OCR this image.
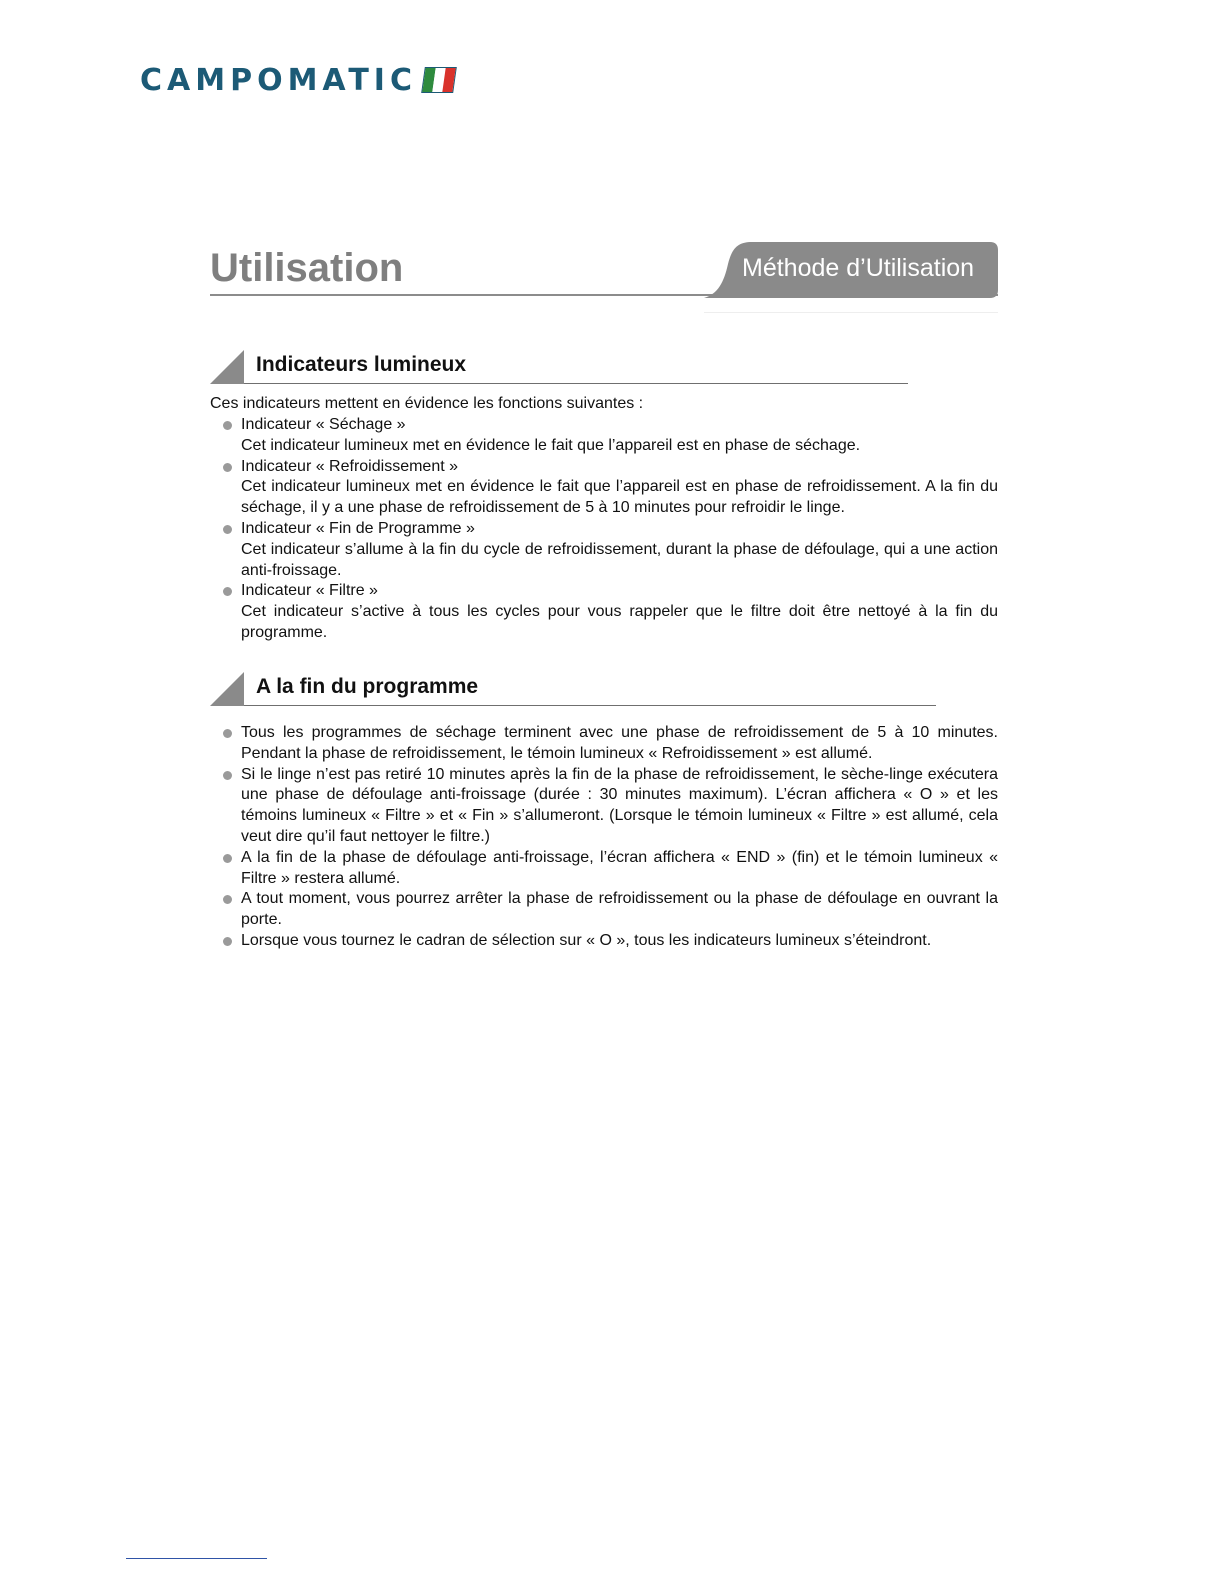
CAMPOMATIC
Utilisation	Méthode d’Utilisation
Indicateurs lumineux

Ces indicateurs mettent en évidence les fonctions suivantes :

Indicateur « Séchage »
Cet indicateur lumineux met en évidence le fait que l’appareil est en phase de séchage.
Indicateur « Refroidissement »
Cet indicateur lumineux met en évidence le fait que l’appareil est en phase de refroidissement. A la fin du séchage, il y a une phase de refroidissement de 5 à 10 minutes pour refroidir le linge.
Indicateur « Fin de Programme »
Cet indicateur s’allume à la fin du cycle de refroidissement, durant la phase de défoulage, qui a une action anti-froissage.
Indicateur « Filtre »
Cet indicateur s’active à tous les cycles pour vous rappeler que le filtre doit être nettoyé à la fin du programme.
A la fin du programme
Tous les programmes de séchage terminent avec une phase de refroidissement de 5 à 10 minutes. Pendant la phase de refroidissement, le témoin lumineux « Refroidissement » est allumé.
Si le linge n’est pas retiré 10 minutes après la fin de la phase de refroidissement, le sèche-linge exécutera une phase de défoulage anti-froissage (durée : 30 minutes maximum). L’écran affichera « O » et les témoins lumineux « Filtre » et « Fin » s’allumeront. (Lorsque le témoin lumineux « Filtre » est allumé, cela veut dire qu’il faut nettoyer le filtre.)
A la fin de la phase de défoulage anti-froissage, l’écran affichera « END » (fin) et le témoin lumineux « Filtre » restera allumé.
A tout moment, vous pourrez arrêter la phase de refroidissement ou la phase de défoulage en ouvrant la porte.
Lorsque vous tournez le cadran de sélection sur « O », tous les indicateurs lumineux s’éteindront.
